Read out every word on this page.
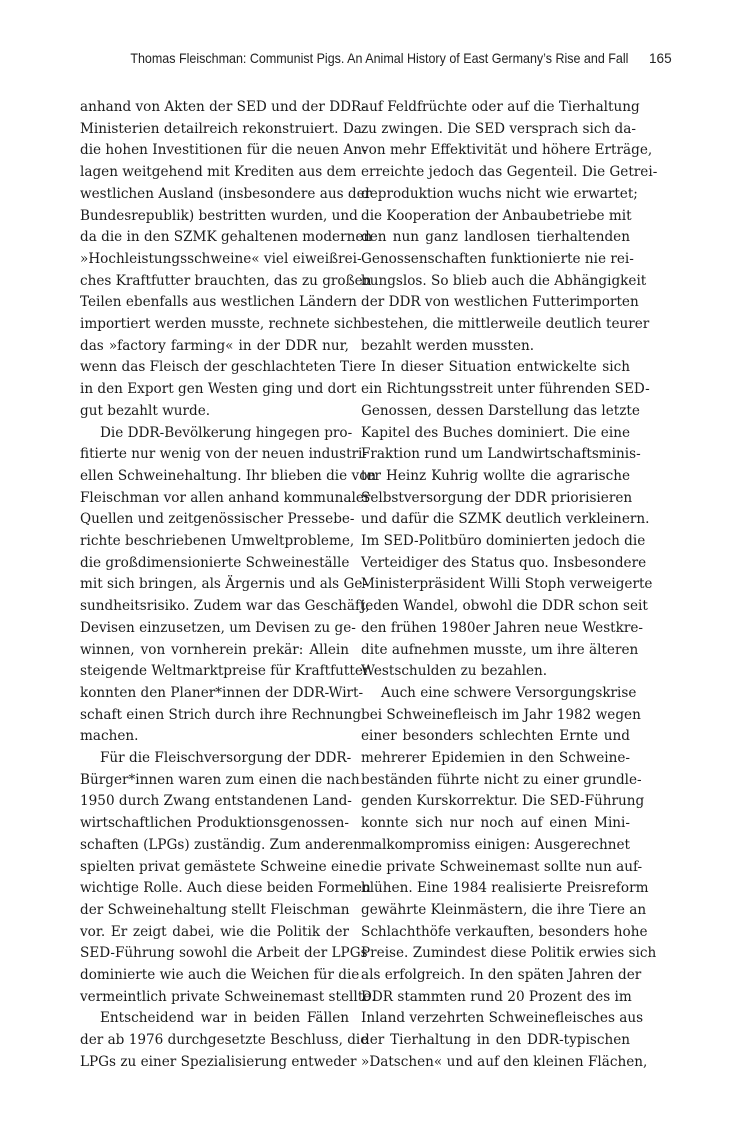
Thomas Fleischman: Communist Pigs. An Animal History of East Germany’s Rise and Fall 165
anhand von Akten der SED und der DDR-
Ministerien detailreich rekonstruiert. Da
die hohen Investitionen für die neuen An-
lagen weitgehend mit Krediten aus dem
westlichen Ausland (insbesondere aus der
Bundesrepublik) bestritten wurden, und
da die in den SZMK gehaltenen modernen
»Hochleistungsschweine« viel eiweißrei-
ches Kraftfutter brauchten, das zu großen
Teilen ebenfalls aus westlichen Ländern
importiert werden musste, rechnete sich
das »factory farming« in der DDR nur,
wenn das Fleisch der geschlachteten Tiere
in den Export gen Westen ging und dort
gut bezahlt wurde.
Die DDR-Bevölkerung hingegen pro-
fitierte nur wenig von der neuen industri-
ellen Schweinehaltung. Ihr blieben die von
Fleischman vor allen anhand kommunaler
Quellen und zeitgenössischer Pressebe-
richte beschriebenen Umweltprobleme,
die großdimensionierte Schweineställe
mit sich bringen, als Ärgernis und als Ge-
sundheitsrisiko. Zudem war das Geschäft,
Devisen einzusetzen, um Devisen zu ge-
winnen, von vornherein prekär: Allein
steigende Weltmarktpreise für Kraftfutter
konnten den Planer*innen der DDR-Wirt-
schaft einen Strich durch ihre Rechnung
machen.
Für die Fleischversorgung der DDR-
Bürger*innen waren zum einen die nach
1950 durch Zwang entstandenen Land-
wirtschaftlichen Produktionsgenossen-
schaften (LPGs) zuständig. Zum anderen
spielten privat gemästete Schweine eine
wichtige Rolle. Auch diese beiden Formen
der Schweinehaltung stellt Fleischman
vor. Er zeigt dabei, wie die Politik der
SED-Führung sowohl die Arbeit der LPGs
dominierte wie auch die Weichen für die
vermeintlich private Schweinemast stellte.
Entscheidend war in beiden Fällen
der ab 1976 durchgesetzte Beschluss, die
LPGs zu einer Spezialisierung entweder
auf Feldfrüchte oder auf die Tierhaltung
zu zwingen. Die SED versprach sich da-
von mehr Effektivität und höhere Erträge,
erreichte jedoch das Gegenteil. Die Getrei-
deproduktion wuchs nicht wie erwartet;
die Kooperation der Anbaubetriebe mit
den nun ganz landlosen tierhaltenden
Genossenschaften funktionierte nie rei-
bungslos. So blieb auch die Abhängigkeit
der DDR von westlichen Futterimporten
bestehen, die mittlerweile deutlich teurer
bezahlt werden mussten.
In dieser Situation entwickelte sich
ein Richtungsstreit unter führenden SED-
Genossen, dessen Darstellung das letzte
Kapitel des Buches dominiert. Die eine
Fraktion rund um Landwirtschaftsminis-
ter Heinz Kuhrig wollte die agrarische
Selbstversorgung der DDR priorisieren
und dafür die SZMK deutlich verkleinern.
Im SED-Politbüro dominierten jedoch die
Verteidiger des Status quo. Insbesondere
Ministerpräsident Willi Stoph verweigerte
jeden Wandel, obwohl die DDR schon seit
den frühen 1980er Jahren neue Westkre-
dite aufnehmen musste, um ihre älteren
Westschulden zu bezahlen.
Auch eine schwere Versorgungskrise
bei Schweinefleisch im Jahr 1982 wegen
einer besonders schlechten Ernte und
mehrerer Epidemien in den Schweine-
beständen führte nicht zu einer grundle-
genden Kurskorrektur. Die SED-Führung
konnte sich nur noch auf einen Mini-
malkompromiss einigen: Ausgerechnet
die private Schweinemast sollte nun auf-
blühen. Eine 1984 realisierte Preisreform
gewährte Kleinmästern, die ihre Tiere an
Schlachthöfe verkauften, besonders hohe
Preise. Zumindest diese Politik erwies sich
als erfolgreich. In den späten Jahren der
DDR stammten rund 20 Prozent des im
Inland verzehrten Schweinefleisches aus
der Tierhaltung in den DDR-typischen
»Datschen« und auf den kleinen Flächen,
